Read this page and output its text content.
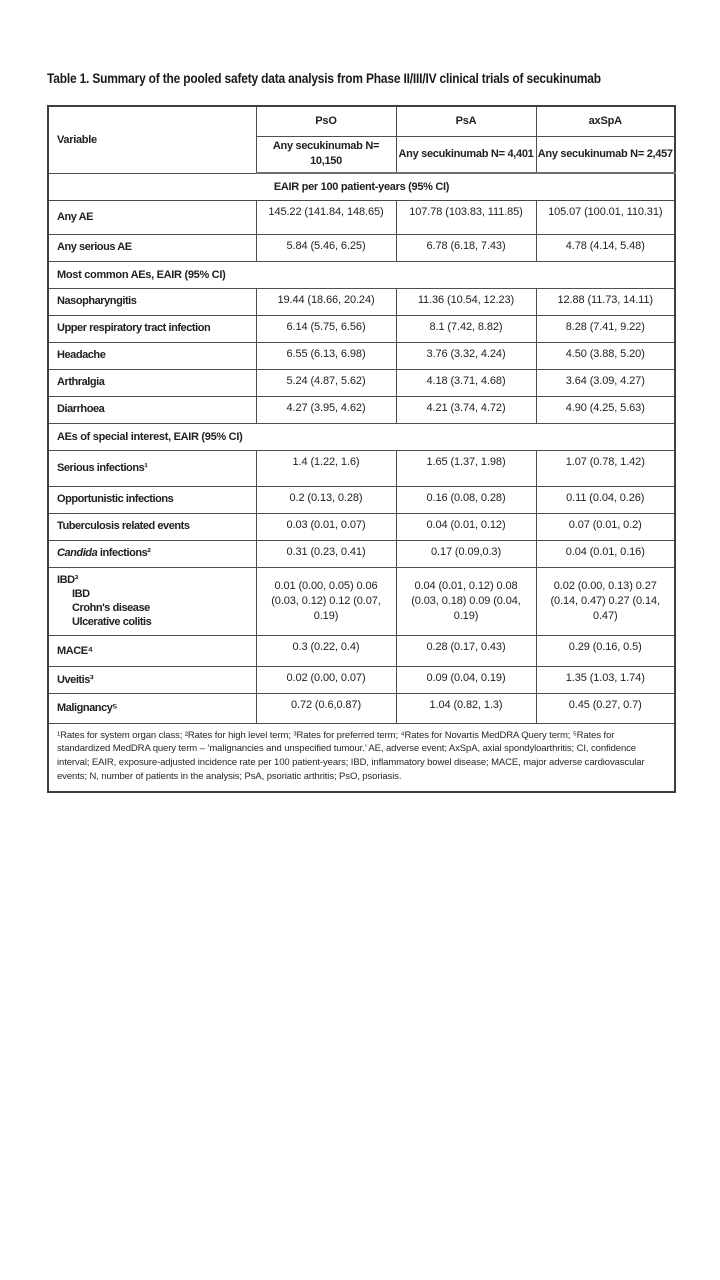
Table 1. Summary of the pooled safety data analysis from Phase II/III/IV clinical trials of secukinumab
Variable	PsO	PsA	axSpA
	Any secukinumab N= 10,150	Any secukinumab N= 4,401	Any secukinumab N= 2,457
EAIR per 100 patient-years (95% CI)			
Any AE	145.22 (141.84, 148.65)	107.78 (103.83, 111.85)	105.07 (100.01, 110.31)
Any serious AE	5.84 (5.46, 6.25)	6.78 (6.18, 7.43)	4.78 (4.14, 5.48)
Most common AEs, EAIR (95% CI)			
Nasopharyngitis	19.44 (18.66, 20.24)	11.36 (10.54, 12.23)	12.88 (11.73, 14.11)
Upper respiratory tract infection	6.14 (5.75, 6.56)	8.1 (7.42, 8.82)	8.28 (7.41, 9.22)
Headache	6.55 (6.13, 6.98)	3.76 (3.32, 4.24)	4.50 (3.88, 5.20)
Arthralgia	5.24 (4.87, 5.62)	4.18 (3.71, 4.68)	3.64 (3.09, 4.27)
Diarrhoea	4.27 (3.95, 4.62)	4.21 (3.74, 4.72)	4.90 (4.25, 5.63)
AEs of special interest, EAIR (95% CI)			
Serious infections¹	1.4 (1.22, 1.6)	1.65 (1.37, 1.98)	1.07 (0.78, 1.42)
Opportunistic infections	0.2 (0.13, 0.28)	0.16 (0.08, 0.28)	0.11 (0.04, 0.26)
Tuberculosis related events	0.03 (0.01, 0.07)	0.04 (0.01, 0.12)	0.07 (0.01, 0.2)
Candida infections²	0.31 (0.23, 0.41)	0.17 (0.09,0.3)	0.04 (0.01, 0.16)

IBD³
IBD
Crohn's disease
Ulcerative colitis	0.01 (0.00, 0.05) 0.06 (0.03, 0.12) 0.12 (0.07, 0.19)	0.04 (0.01, 0.12) 0.08 (0.03, 0.18) 0.09 (0.04, 0.19)	0.02 (0.00, 0.13) 0.27 (0.14, 0.47) 0.27 (0.14, 0.47)
MACE⁴	0.3 (0.22, 0.4)	0.28 (0.17, 0.43)	0.29 (0.16, 0.5)
Uveitis³	0.02 (0.00, 0.07)	0.09 (0.04, 0.19)	1.35 (1.03, 1.74)
Malignancy⁵	0.72 (0.6,0.87)	1.04 (0.82, 1.3)	0.45 (0.27, 0.7)
¹Rates for system organ class; ²Rates for high level term; ³Rates for preferred term; ⁴Rates for Novartis MedDRA Query term; ⁵Rates for standardized MedDRA query term – ‘malignancies and unspecified tumour.’ AE, adverse event; AxSpA, axial spondyloarthritis; CI, confidence interval; EAIR, exposure-adjusted incidence rate per 100 patient-years; IBD, inflammatory bowel disease; MACE, major adverse cardiovascular events; N, number of patients in the analysis; PsA, psoriatic arthritis; PsO, psoriasis.			
